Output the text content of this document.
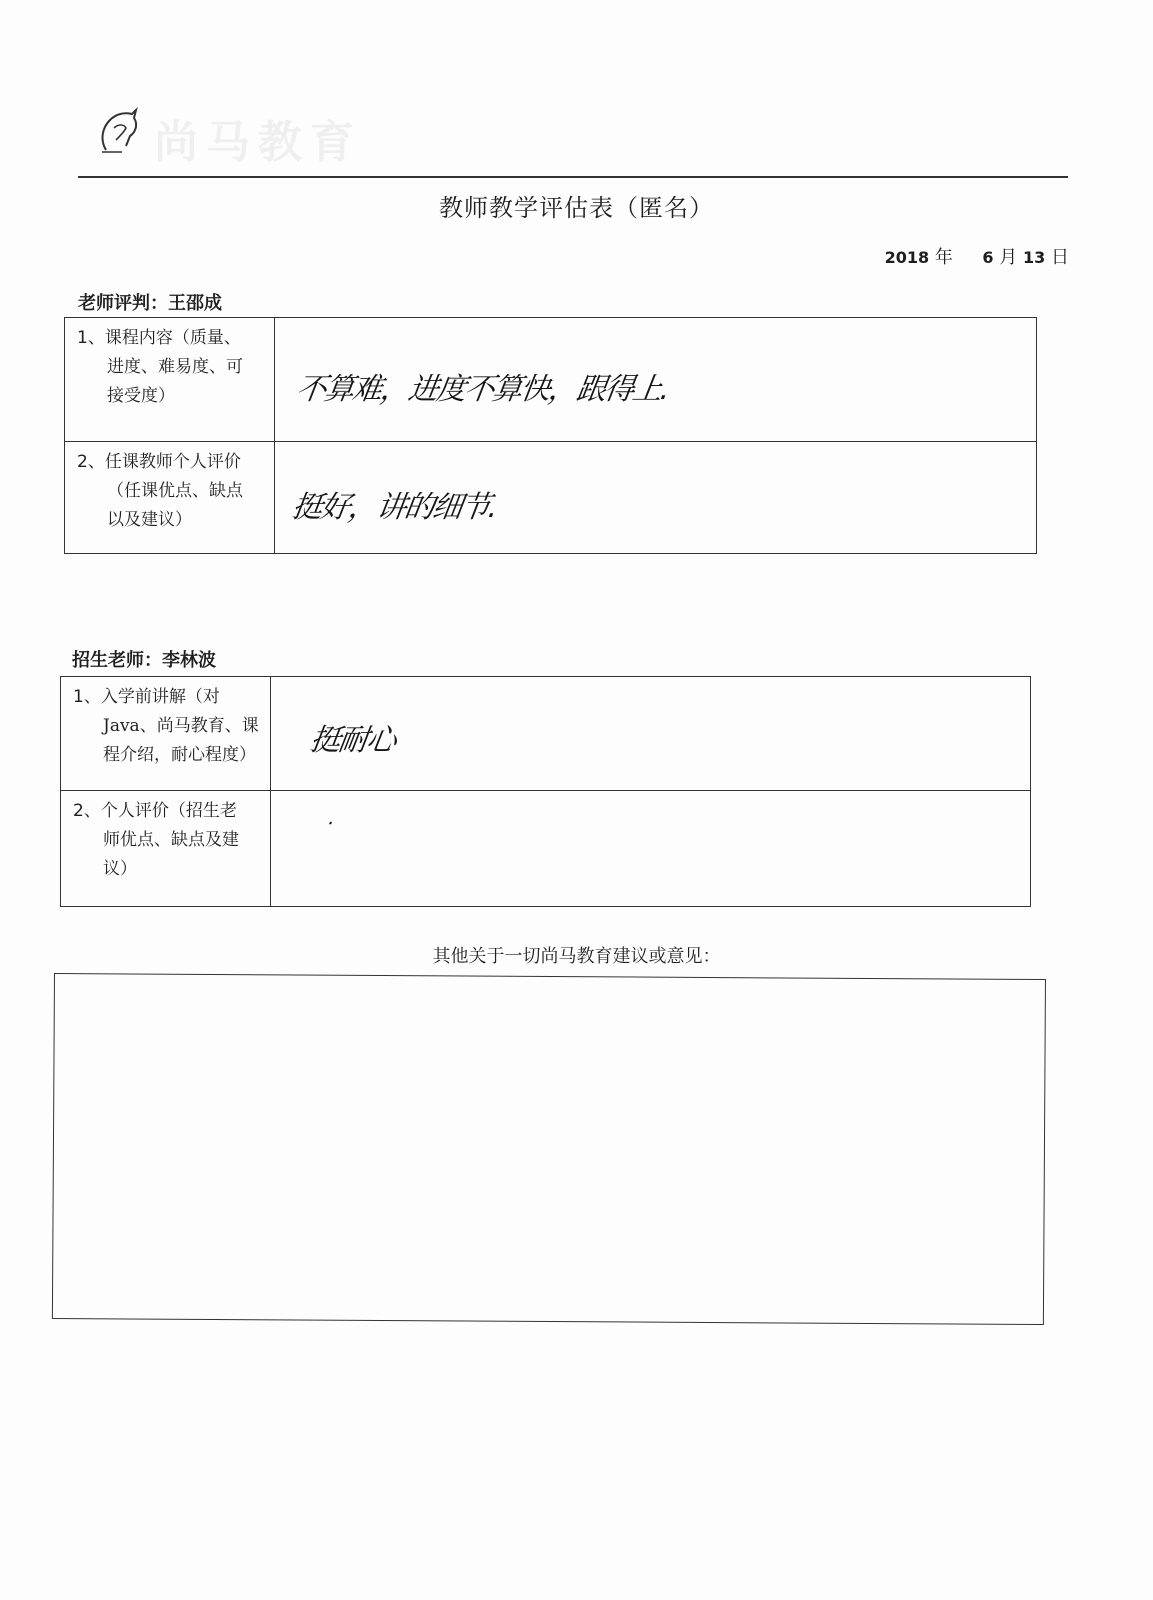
尚马教育
教师教学评估表（匿名）
2018 年 6 月 13 日
老师评判：王邵成
1、课程内容（质量、
进度、难易度、可
接受度）	不算难，进度不算快，跟得上.

2、任课教师个人评价
（任课优点、缺点
以及建议）	挺好，讲的细节.
招生老师：李林波
1、入学前讲解（对
Java、尚马教育、课
程介绍，耐心程度）	挺耐心

2、个人评价（招生老
师优点、缺点及建
议）	·
其他关于一切尚马教育建议或意见：
